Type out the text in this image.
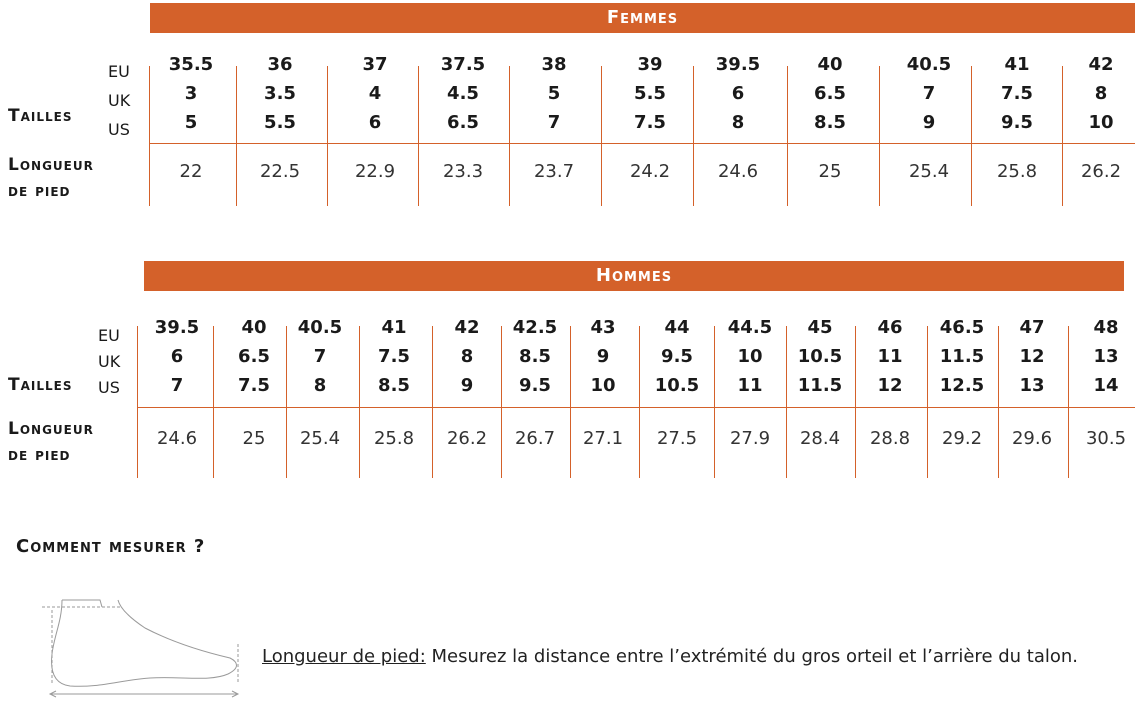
Femmes
EU
UK
US
Tailles
Longueur
de pied
35.5
3
5
22
36
3.5
5.5
22.5
37
4
6
22.9
37.5
4.5
6.5
23.3
38
5
7
23.7
39
5.5
7.5
24.2
39.5
6
8
24.6
40
6.5
8.5
25
40.5
7
9
25.4
41
7.5
9.5
25.8
42
8
10
26.2
Hommes
EU
UK
US
Tailles
Longueur
de pied
39.5
6
7
24.6
40
6.5
7.5
25
40.5
7
8
25.4
41
7.5
8.5
25.8
42
8
9
26.2
42.5
8.5
9.5
26.7
43
9
10
27.1
44
9.5
10.5
27.5
44.5
10
11
27.9
45
10.5
11.5
28.4
46
11
12
28.8
46.5
11.5
12.5
29.2
47
12
13
29.6
48
13
14
30.5
Comment mesurer ?
Longueur de pied: Mesurez la distance entre l’extrémité du gros orteil et l’arrière du talon.
